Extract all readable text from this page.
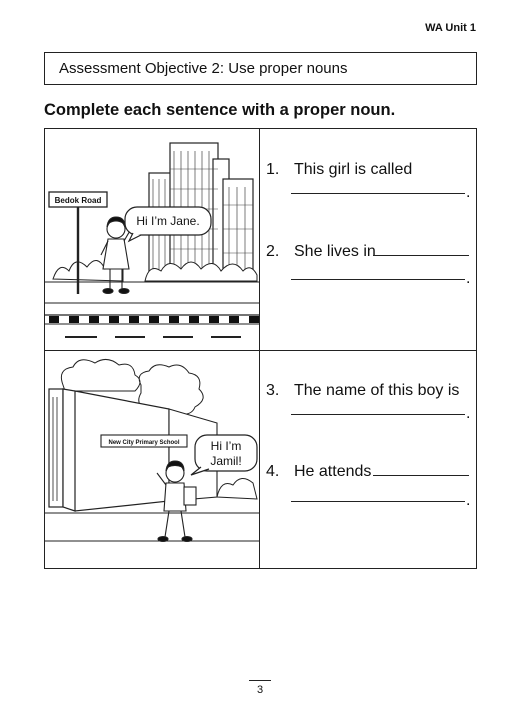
WA Unit 1
Assessment Objective 2: Use proper nouns
Complete each sentence with a proper noun.
Bedok Road
Hi I’m Jane.
New City Primary School	Hi I’m
Jamil!
1. This girl is called
.
2. She lives in
.
3. The name of this boy is
.
4. He attends
.
3
